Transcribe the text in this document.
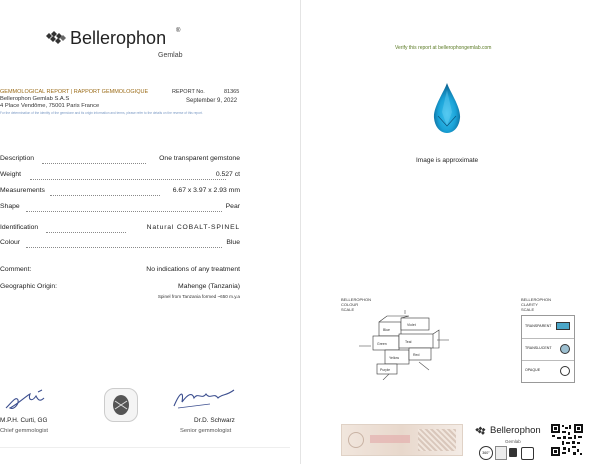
Bellerophon ®
Gemlab
GEMMOLOGICAL REPORT | RAPPORT GEMMOLOGIQUE
Bellerophon Gemlab S.A.S
4 Place Vendôme, 75001 Paris France
For the determination of the identity of the gemstone and its origin information and terms, please refer to the details on the reverse of this report.
REPORT No.	81365
September 9, 2022
Description	One transparent gemstone
Weight	0.527 ct
Measurements	6.67 x 3.97 x 2.93 mm
Shape	Pear
Identification	Natural COBALT-SPINEL
Colour	Blue
Comment:	No indications of any treatment
Geographic Origin:	Mahenge (Tanzania)
Spinel from Tanzania formed ~650 m.y.a
M.P.H. Curti, GG
Chief gemmologist
Dr.D. Schwarz
Senior gemmologist
Verify this report at bellerophongemlab.com
Image is approximate
BELLEROPHON
COLOUR
SCALE
Blue
Violet
Green	Teal
Yellow
Red
Purple
BELLEROPHON
CLARITY
SCALE
TRANSPARENT
TRANSLUCENT
OPAQUE
Bellerophon
Gemlab
360°
